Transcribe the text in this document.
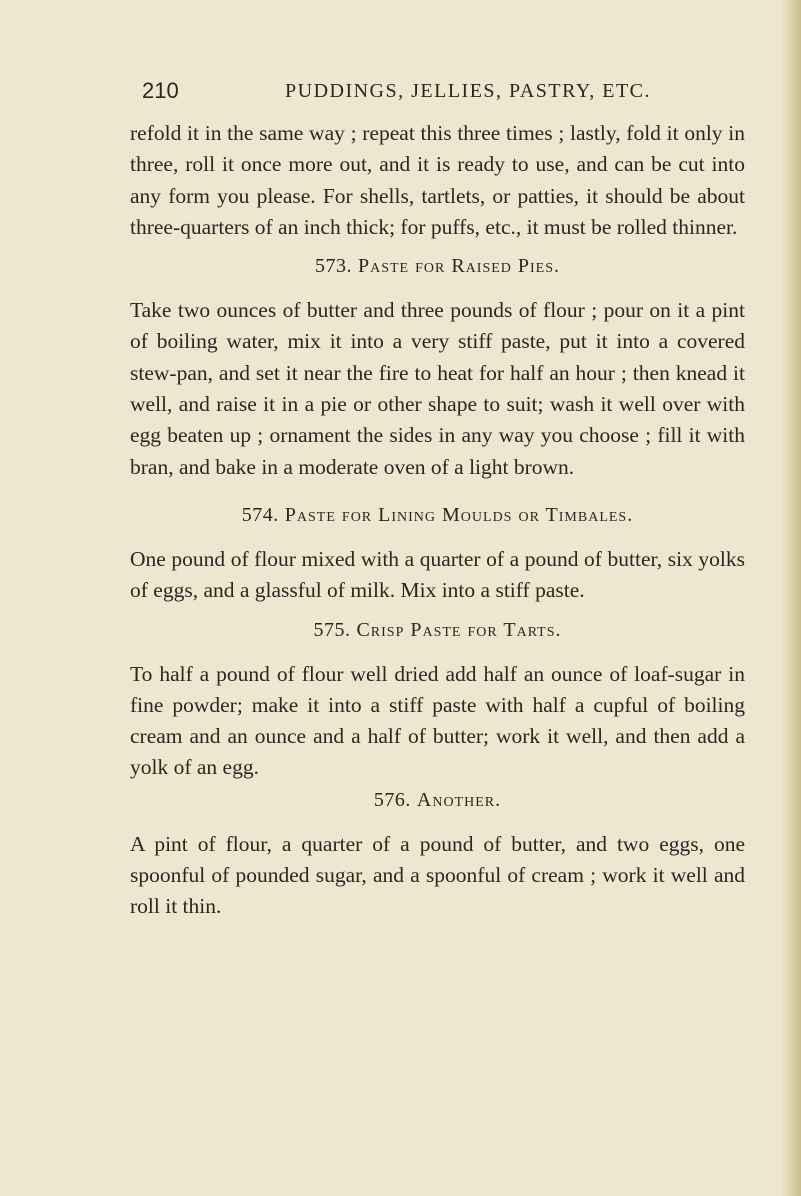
210	PUDDINGS, JELLIES, PASTRY, ETC.

refold it in the same way ; repeat this three times ; lastly, fold it only in three, roll it once more out, and it is ready to use, and can be cut into any form you please. For shells, tartlets, or patties, it should be about three-quarters of an inch thick; for puffs, etc., it must be rolled thinner.

573. Paste for Raised Pies.

Take two ounces of butter and three pounds of flour ; pour on it a pint of boiling water, mix it into a very stiff paste, put it into a covered stew-pan, and set it near the fire to heat for half an hour ; then knead it well, and raise it in a pie or other shape to suit; wash it well over with egg beaten up ; ornament the sides in any way you choose ; fill it with bran, and bake in a moderate oven of a light brown.

574. Paste for Lining Moulds or Timbales.

One pound of flour mixed with a quarter of a pound of butter, six yolks of eggs, and a glassful of milk. Mix into a stiff paste.

575. Crisp Paste for Tarts.

To half a pound of flour well dried add half an ounce of loaf-sugar in fine powder; make it into a stiff paste with half a cupful of boiling cream and an ounce and a half of butter; work it well, and then add a yolk of an egg.

576. Another.

A pint of flour, a quarter of a pound of butter, and two eggs, one spoonful of pounded sugar, and a spoonful of cream ; work it well and roll it thin.
